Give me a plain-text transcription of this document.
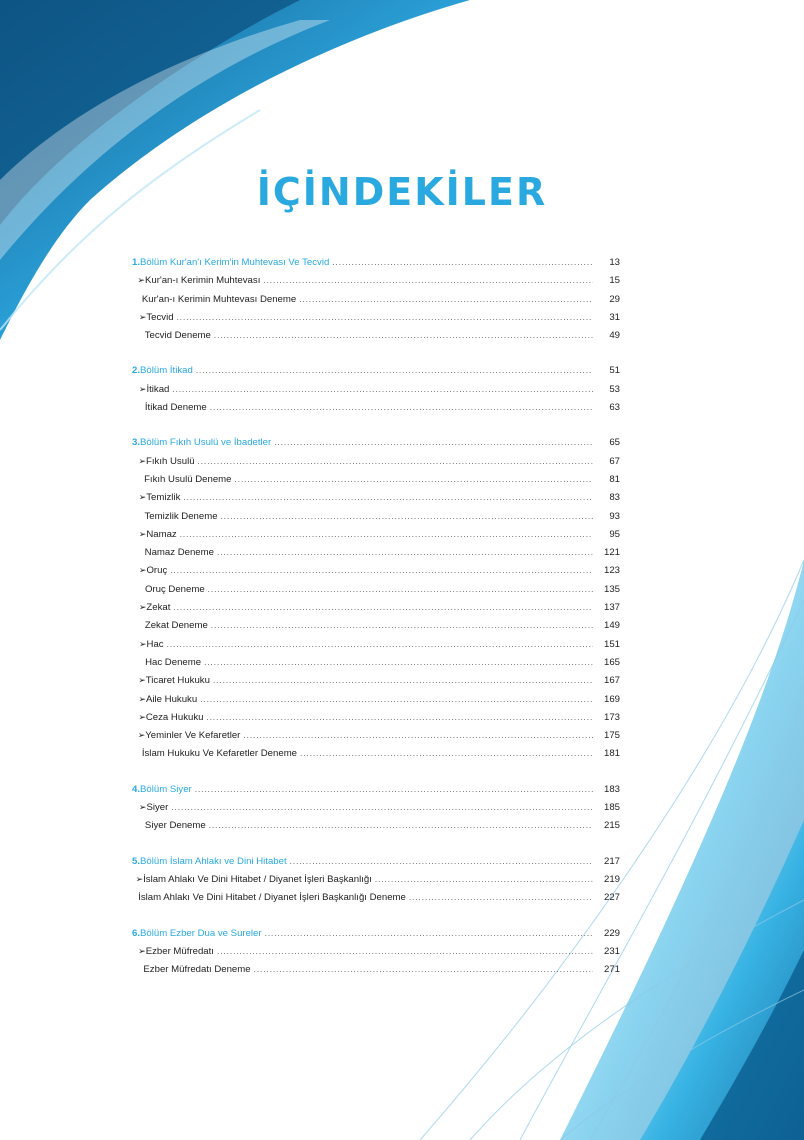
İÇİNDEKİLER
1. Bölüm Kur'an'ı Kerim'in Muhtevası Ve Tecvid .....	13
➢ Kur'an-ı Kerimin Muhtevası .....	15
Kur'an-ı Kerimin Muhtevası Deneme .....	29
➢ Tecvid .....	31
Tecvid Deneme .....	49
2. Bölüm İtikad .....	51
➢ İtikad .....	53
İtikad Deneme .....	63
3. Bölüm Fıkıh Usulü ve İbadetler .....	65
➢ Fıkıh Usulü .....	67
Fıkıh Usulü Deneme .....	81
➢ Temizlik .....	83
Temizlik Deneme .....	93
➢ Namaz .....	95
Namaz Deneme .....	121
➢ Oruç .....	123
Oruç Deneme .....	135
➢ Zekat .....	137
Zekat Deneme .....	149
➢ Hac .....	151
Hac Deneme .....	165
➢ Ticaret Hukuku .....	167
➢ Aile Hukuku .....	169
➢ Ceza Hukuku .....	173
➢ Yeminler Ve Kefaretler .....	175
İslam Hukuku Ve Kefaretler Deneme .....	181
4. Bölüm Siyer .....	183
➢ Siyer .....	185
Siyer Deneme .....	215
5. Bölüm İslam Ahlakı ve Dini Hitabet .....	217
➢ İslam Ahlakı Ve Dini Hitabet / Diyanet İşleri Başkanlığı .....	219
İslam Ahlakı Ve Dini Hitabet / Diyanet İşleri Başkanlığı Deneme .....	227
6. Bölüm Ezber Dua ve Sureler .....	229
➢ Ezber Müfredatı .....	231
Ezber Müfredatı Deneme .....	271
